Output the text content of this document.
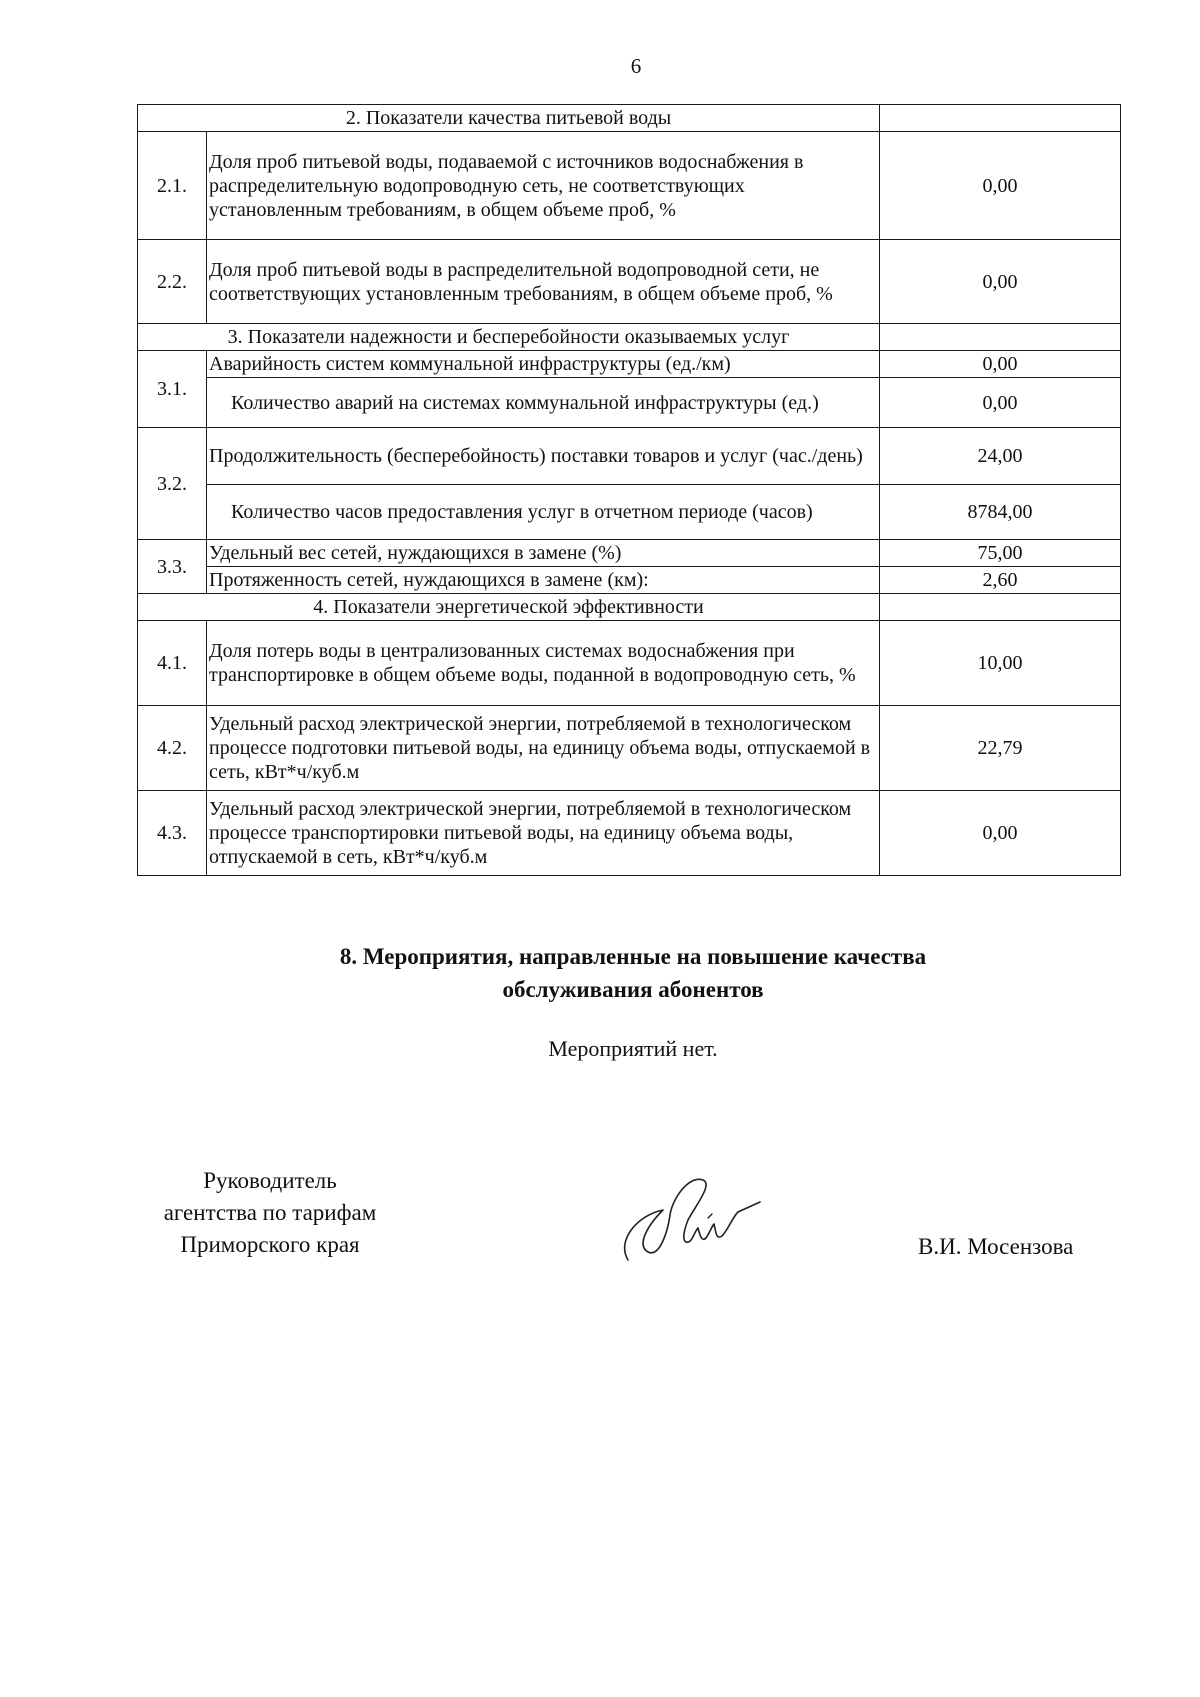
6
2. Показатели качества питьевой воды		
2.1.	Доля проб питьевой воды, подаваемой с источников водоснабжения в распределительную водопроводную сеть, не соответствующих установленным требованиям, в общем объеме проб, %	0,00
2.2.	Доля проб питьевой воды в распределительной водопроводной сети, не соответствующих установленным требованиям, в общем объеме проб, %	0,00
3. Показатели надежности и бесперебойности оказываемых услуг		
3.1.	Аварийность систем коммунальной инфраструктуры (ед./км)	0,00
	Количество аварий на системах коммунальной инфраструктуры (ед.)	0,00
3.2.	Продолжительность (бесперебойность) поставки товаров и услуг (час./день)	24,00
	Количество часов предоставления услуг в отчетном периоде (часов)	8784,00
3.3.	Удельный вес сетей, нуждающихся в замене (%)	75,00
	Протяженность сетей, нуждающихся в замене (км):	2,60
4. Показатели энергетической эффективности		
4.1.	Доля потерь воды в централизованных системах водоснабжения при транспортировке в общем объеме воды, поданной в водопроводную сеть, %	10,00
4.2.	Удельный расход электрической энергии, потребляемой в технологическом процессе подготовки питьевой воды, на единицу объема воды, отпускаемой в сеть, кВт*ч/куб.м	22,79
4.3.	Удельный расход электрической энергии, потребляемой в технологическом процессе транспортировки питьевой воды, на единицу объема воды, отпускаемой в сеть, кВт*ч/куб.м	0,00
8. Мероприятия, направленные на повышение качества
обслуживания абонентов
Мероприятий нет.
Руководитель
агентства по тарифам
Приморского края	В.И. Мосензова
